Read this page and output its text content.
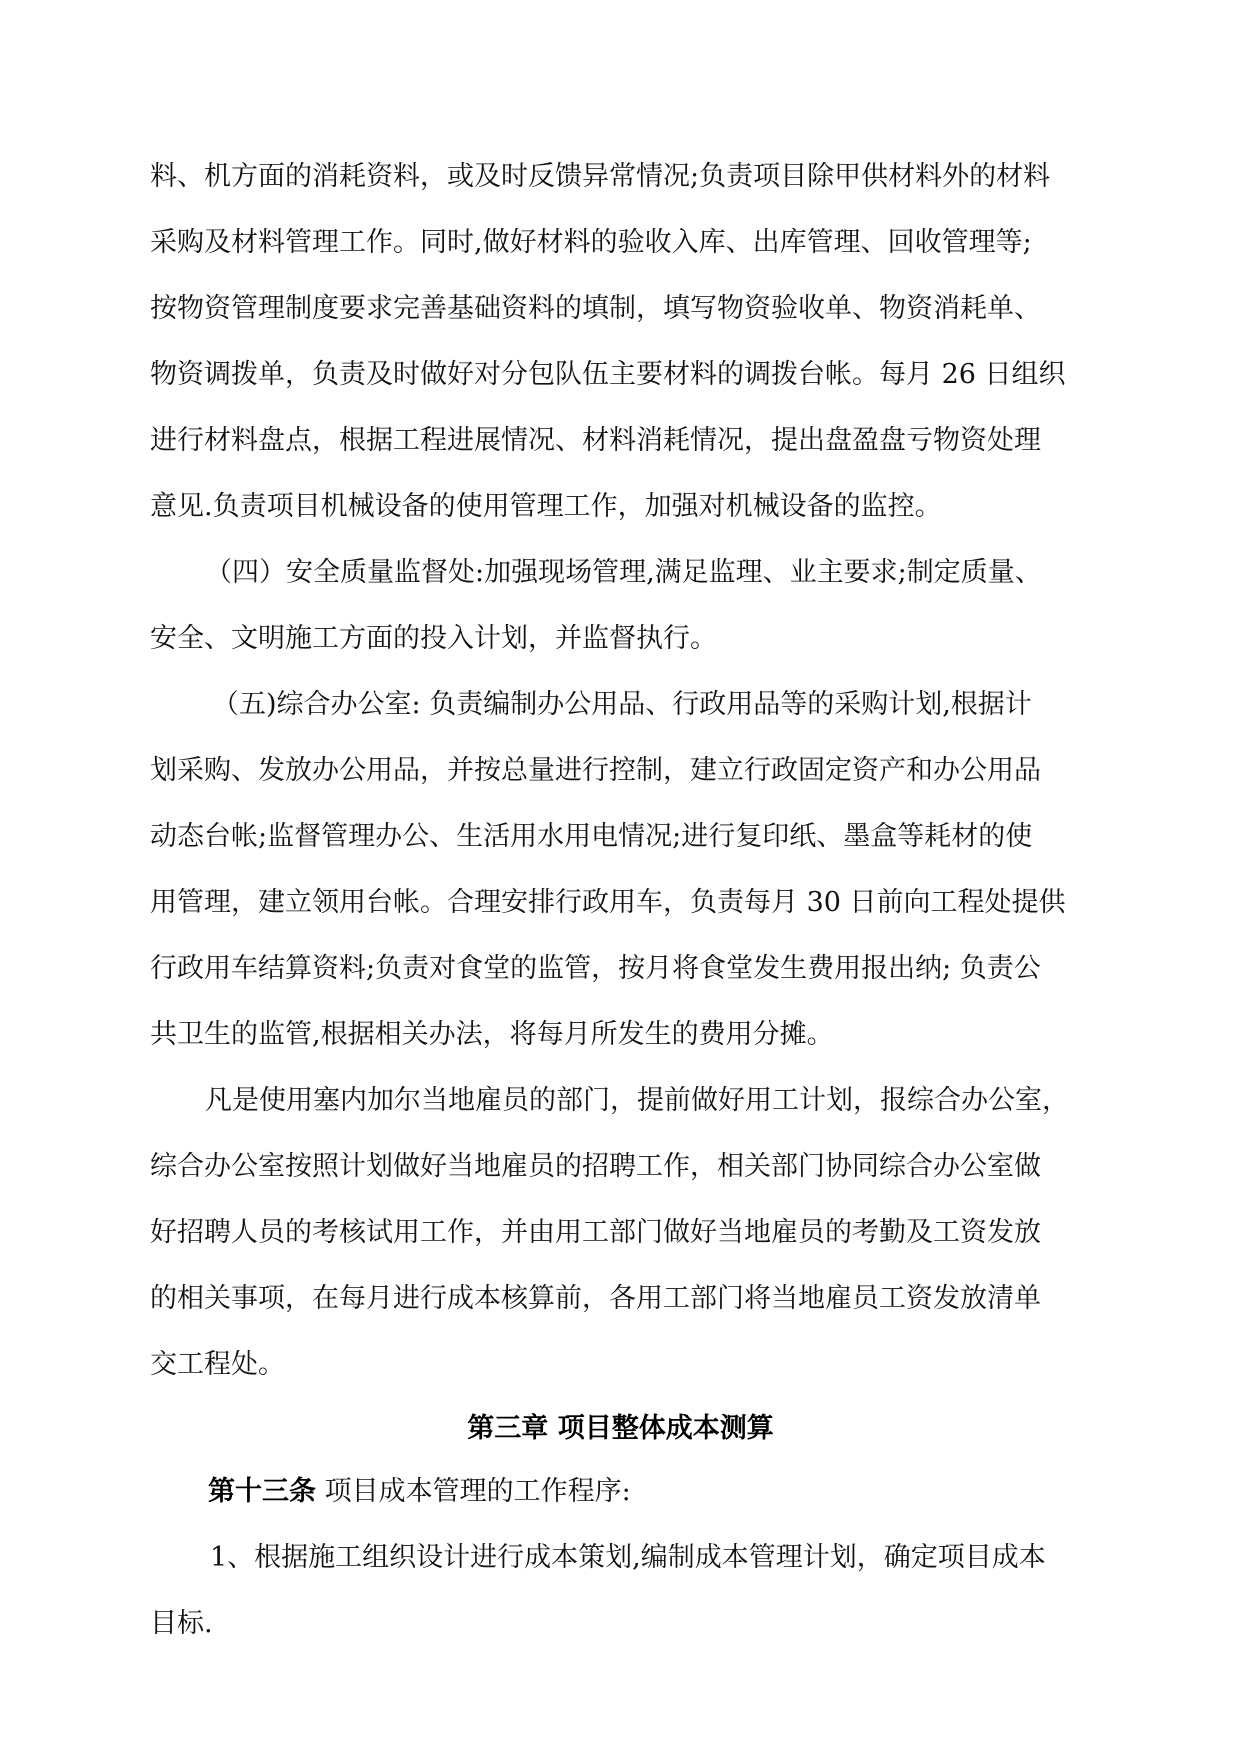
料、机方面的消耗资料，或及时反馈异常情况;负责项目除甲供材料外的材料
采购及材料管理工作。同时,做好材料的验收入库、出库管理、回收管理等;
按物资管理制度要求完善基础资料的填制，填写物资验收单、物资消耗单、
物资调拨单，负责及时做好对分包队伍主要材料的调拨台帐。每月 26 日组织
进行材料盘点，根据工程进展情况、材料消耗情况，提出盘盈盘亏物资处理
意见.负责项目机械设备的使用管理工作，加强对机械设备的监控。
（四）安全质量监督处:加强现场管理,满足监理、业主要求;制定质量、
安全、文明施工方面的投入计划，并监督执行。
（五)综合办公室: 负责编制办公用品、行政用品等的采购计划,根据计
划采购、发放办公用品，并按总量进行控制，建立行政固定资产和办公用品
动态台帐;监督管理办公、生活用水用电情况;进行复印纸、墨盒等耗材的使
用管理，建立领用台帐。合理安排行政用车，负责每月 30 日前向工程处提供
行政用车结算资料;负责对食堂的监管，按月将食堂发生费用报出纳; 负责公
共卫生的监管,根据相关办法，将每月所发生的费用分摊。
凡是使用塞内加尔当地雇员的部门，提前做好用工计划，报综合办公室，
综合办公室按照计划做好当地雇员的招聘工作，相关部门协同综合办公室做
好招聘人员的考核试用工作，并由用工部门做好当地雇员的考勤及工资发放
的相关事项，在每月进行成本核算前，各用工部门将当地雇员工资发放清单
交工程处。
第三章 项目整体成本测算
第十三条 项目成本管理的工作程序:
1、根据施工组织设计进行成本策划,编制成本管理计划，确定项目成本
目标.
